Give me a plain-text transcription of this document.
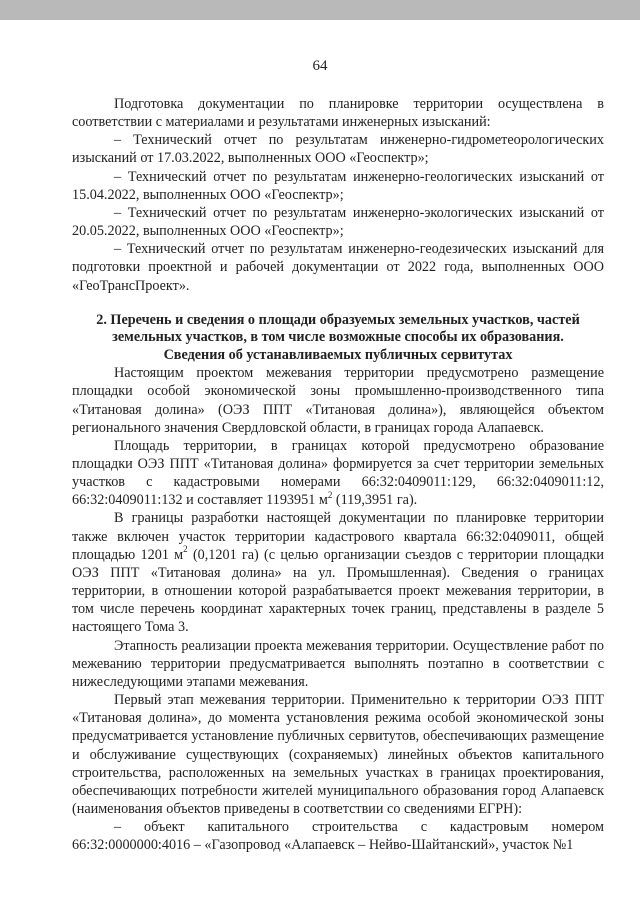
64

Подготовка документации по планировке территории осуществлена в соответствии с материалами и результатами инженерных изысканий:

– Технический отчет по результатам инженерно-гидрометеорологических изысканий от 17.03.2022, выполненных ООО «Геоспектр»;

– Технический отчет по результатам инженерно-геологических изысканий от 15.04.2022, выполненных ООО «Геоспектр»;

– Технический отчет по результатам инженерно-экологических изысканий от 20.05.2022, выполненных ООО «Геоспектр»;

– Технический отчет по результатам инженерно-геодезических изысканий для подготовки проектной и рабочей документации от 2022 года, выполненных ООО «ГеоТрансПроект».

2. Перечень и сведения о площади образуемых земельных участков, частей земельных участков, в том числе возможные способы их образования.
Сведения об устанавливаемых публичных сервитутах

Настоящим проектом межевания территории предусмотрено размещение площадки особой экономической зоны промышленно-производственного типа «Титановая долина» (ОЭЗ ППТ «Титановая долина»), являющейся объектом регионального значения Свердловской области, в границах города Алапаевск.

Площадь территории, в границах которой предусмотрено образование площадки ОЭЗ ППТ «Титановая долина» формируется за счет территории земельных участков с кадастровыми номерами 66:32:0409011:129, 66:32:0409011:12, 66:32:0409011:132 и составляет 1193951 $м^2$ (119,3951 га).

В границы разработки настоящей документации по планировке территории также включен участок территории кадастрового квартала 66:32:0409011, общей площадью 1201 $м^2$ (0,1201 га) (с целью организации съездов с территории площадки ОЭЗ ППТ «Титановая долина» на ул. Промышленная). Сведения о границах территории, в отношении которой разрабатывается проект межевания территории, в том числе перечень координат характерных точек границ, представлены в разделе 5 настоящего Тома 3.

Этапность реализации проекта межевания территории. Осуществление работ по межеванию территории предусматривается выполнять поэтапно в соответствии с нижеследующими этапами межевания.

Первый этап межевания территории. Применительно к территории ОЭЗ ППТ «Титановая долина», до момента установления режима особой экономической зоны предусматривается установление публичных сервитутов, обеспечивающих размещение и обслуживание существующих (сохраняемых) линейных объектов капитального строительства, расположенных на земельных участках в границах проектирования, обеспечивающих потребности жителей муниципального образования город Алапаевск (наименования объектов приведены в соответствии со сведениями ЕГРН):

– объект капитального строительства с кадастровым номером 66:32:0000000:4016 – «Газопровод «Алапаевск – Нейво-Шайтанский», участок №1
